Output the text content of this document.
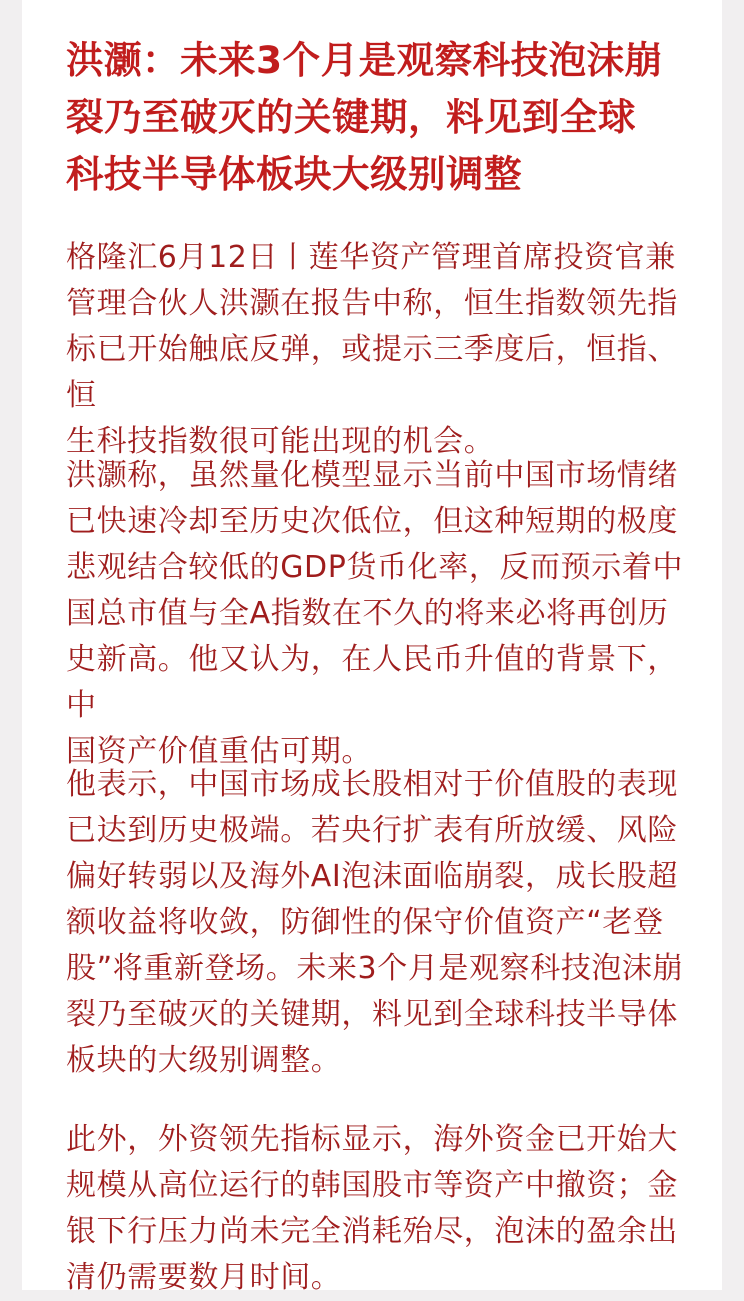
洪灏：未来3个月是观察科技泡沫崩
裂乃至破灭的关键期，料见到全球
科技半导体板块大级别调整

格隆汇6月12日丨莲华资产管理首席投资官兼
管理合伙人洪灏在报告中称，恒生指数领先指
标已开始触底反弹，或提示三季度后，恒指、恒
生科技指数很可能出现的机会。

洪灏称，虽然量化模型显示当前中国市场情绪
已快速冷却至历史次低位，但这种短期的极度
悲观结合较低的GDP货币化率，反而预示着中
国总市值与全A指数在不久的将来必将再创历
史新高。他又认为，在人民币升值的背景下，中
国资产价值重估可期。

他表示，中国市场成长股相对于价值股的表现
已达到历史极端。若央行扩表有所放缓、风险
偏好转弱以及海外AI泡沫面临崩裂，成长股超
额收益将收敛，防御性的保守价值资产“老登
股”将重新登场。未来3个月是观察科技泡沫崩
裂乃至破灭的关键期，料见到全球科技半导体
板块的大级别调整。

此外，外资领先指标显示，海外资金已开始大
规模从高位运行的韩国股市等资产中撤资；金
银下行压力尚未完全消耗殆尽，泡沫的盈余出
清仍需要数月时间。
